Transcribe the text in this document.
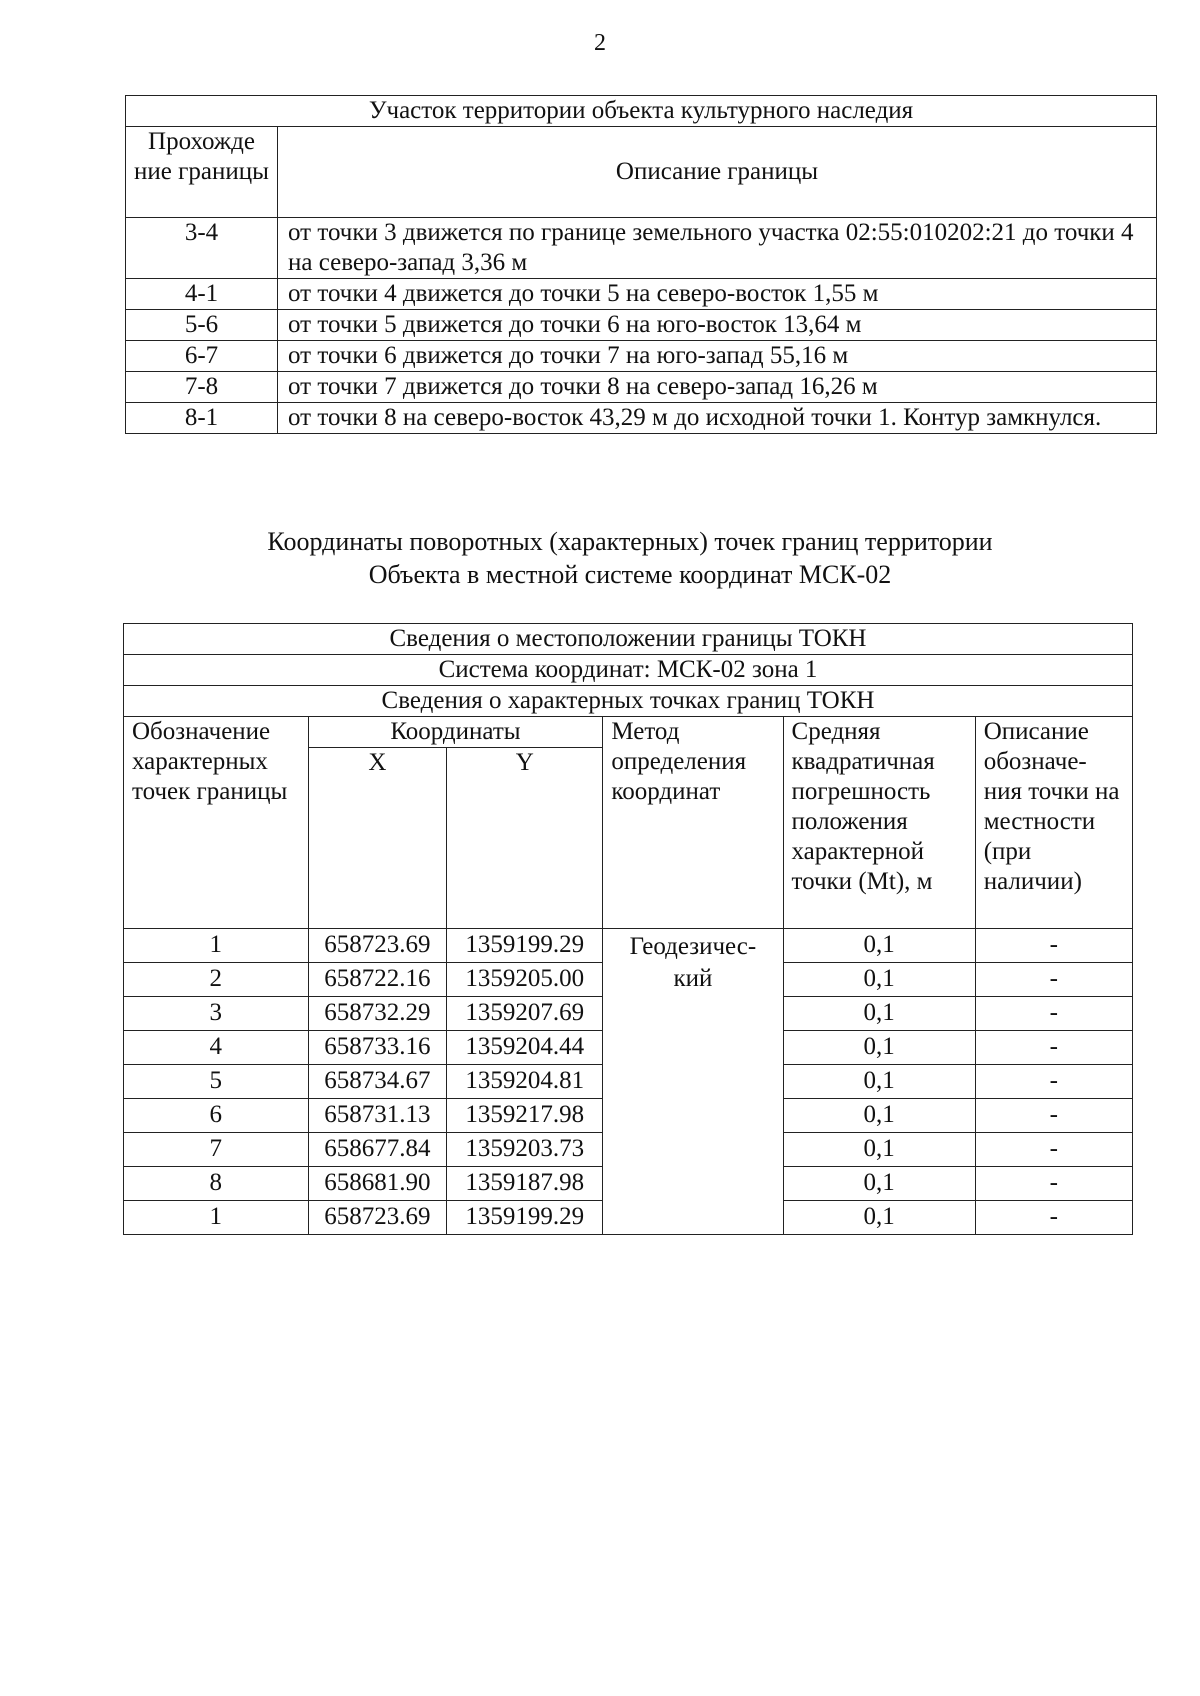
2
Участок территории объекта культурного наследия	
Прохожде ние границы	Описание границы
3-4	от точки 3 движется по границе земельного участка 02:55:010202:21 до точки 4 на северо-запад 3,36 м
4-1	от точки 4 движется до точки 5 на северо-восток 1,55 м
5-6	от точки 5 движется до точки 6 на юго-восток 13,64 м
6-7	от точки 6 движется до точки 7 на юго-запад 55,16 м
7-8	от точки 7 движется до точки 8 на северо-запад 16,26 м
8-1	от точки 8 на северо-восток 43,29 м до исходной точки 1. Контур замкнулся.
Координаты поворотных (характерных) точек границ территории
Объекта в местной системе координат МСК-02
Сведения о местоположении границы ТОКН					
Система координат: МСК-02 зона 1					
Сведения о характерных точках границ ТОКН					
Обозначение характерных точек границы	Координаты		Метод определения координат	Средняя квадратичная погрешность положения характерной точки (Mt), м	Описание обозначе-ния точки на местности (при наличии)
	X	Y			
1	658723.69	1359199.29	Геодезичес-кий	0,1	-
2	658722.16	1359205.00		0,1	-
3	658732.29	1359207.69		0,1	-
4	658733.16	1359204.44		0,1	-
5	658734.67	1359204.81		0,1	-
6	658731.13	1359217.98		0,1	-
7	658677.84	1359203.73		0,1	-
8	658681.90	1359187.98		0,1	-
1	658723.69	1359199.29		0,1	-
